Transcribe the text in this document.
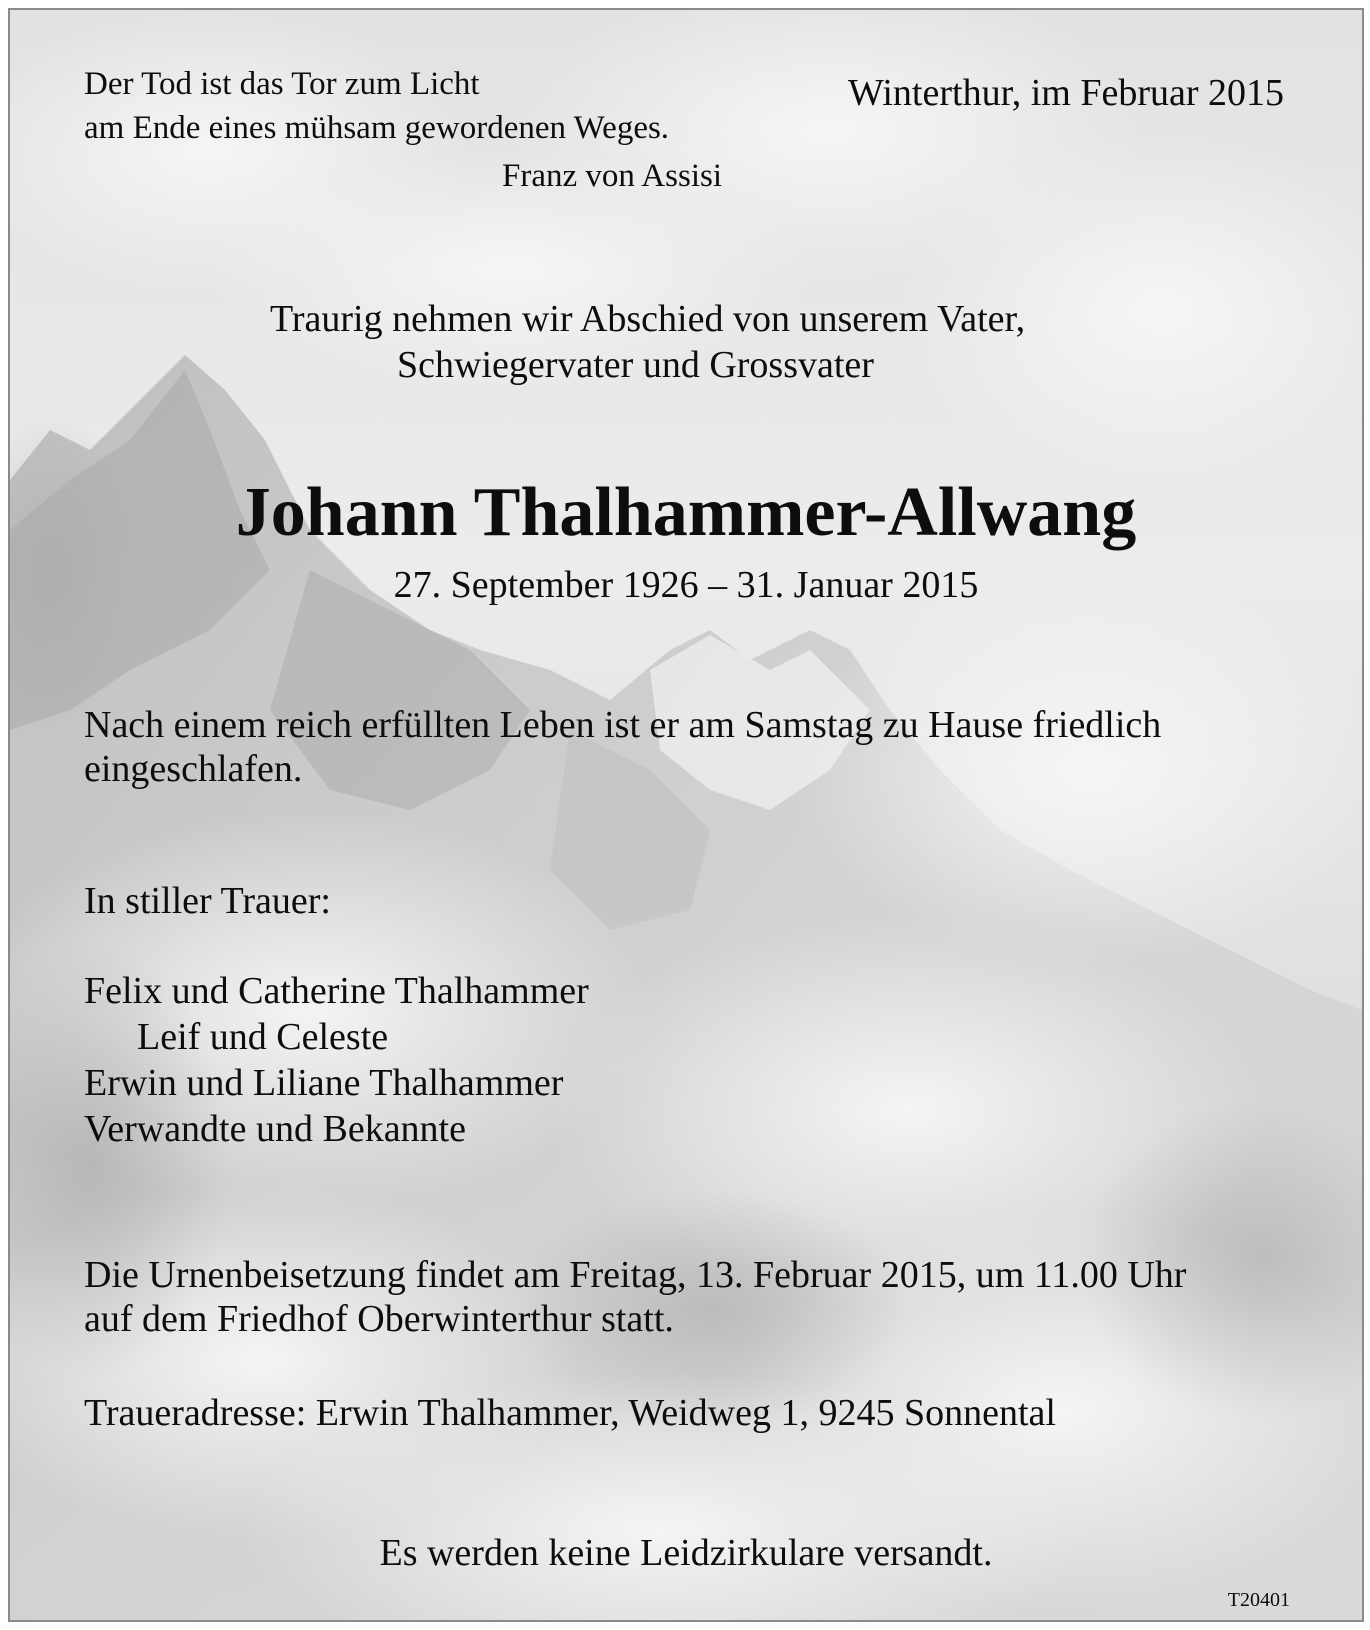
Der Tod ist das Tor zum Licht
am Ende eines mühsam gewordenen Weges.
Franz von Assisi
Winterthur, im Februar 2015
Traurig nehmen wir Abschied von unserem Vater,
Schwiegervater und Grossvater
Johann Thalhammer-Allwang
27. September 1926 – 31. Januar 2015
Nach einem reich erfüllten Leben ist er am Samstag zu Hause friedlich
eingeschlafen.
In stiller Trauer:
Felix und Catherine Thalhammer
Leif und Celeste
Erwin und Liliane Thalhammer
Verwandte und Bekannte
Die Urnenbeisetzung findet am Freitag, 13. Februar 2015, um 11.00 Uhr
auf dem Friedhof Oberwinterthur statt.
Traueradresse: Erwin Thalhammer, Weidweg 1, 9245 Sonnental
Es werden keine Leidzirkulare versandt.
T20401
